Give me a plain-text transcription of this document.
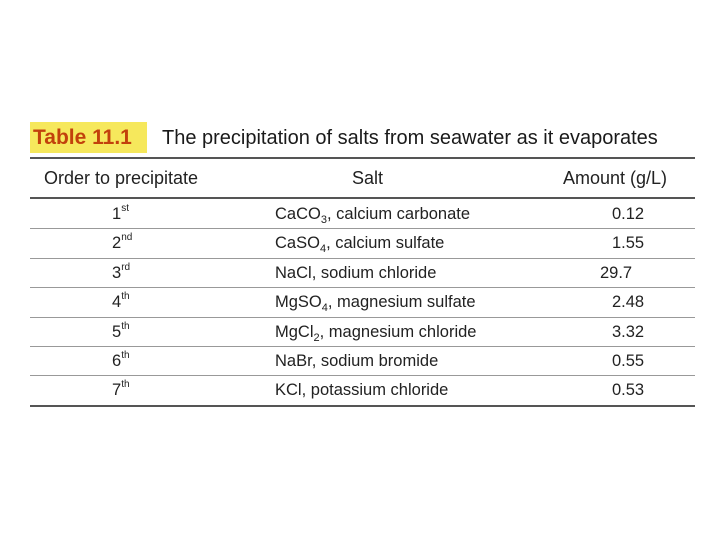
Table 11.1 The precipitation of salts from seawater as it evaporates
Order to precipitate	Salt	Amount (g/L)
1st	CaCO$_3$, calcium carbonate	0.12
2nd	CaSO$_4$, calcium sulfate	1.55
3rd	NaCl, sodium chloride	29.7
4th	MgSO$_4$, magnesium sulfate	2.48
5th	MgCl$_2$, magnesium chloride	3.32
6th	NaBr, sodium bromide	0.55
7th	KCl, potassium chloride	0.53
